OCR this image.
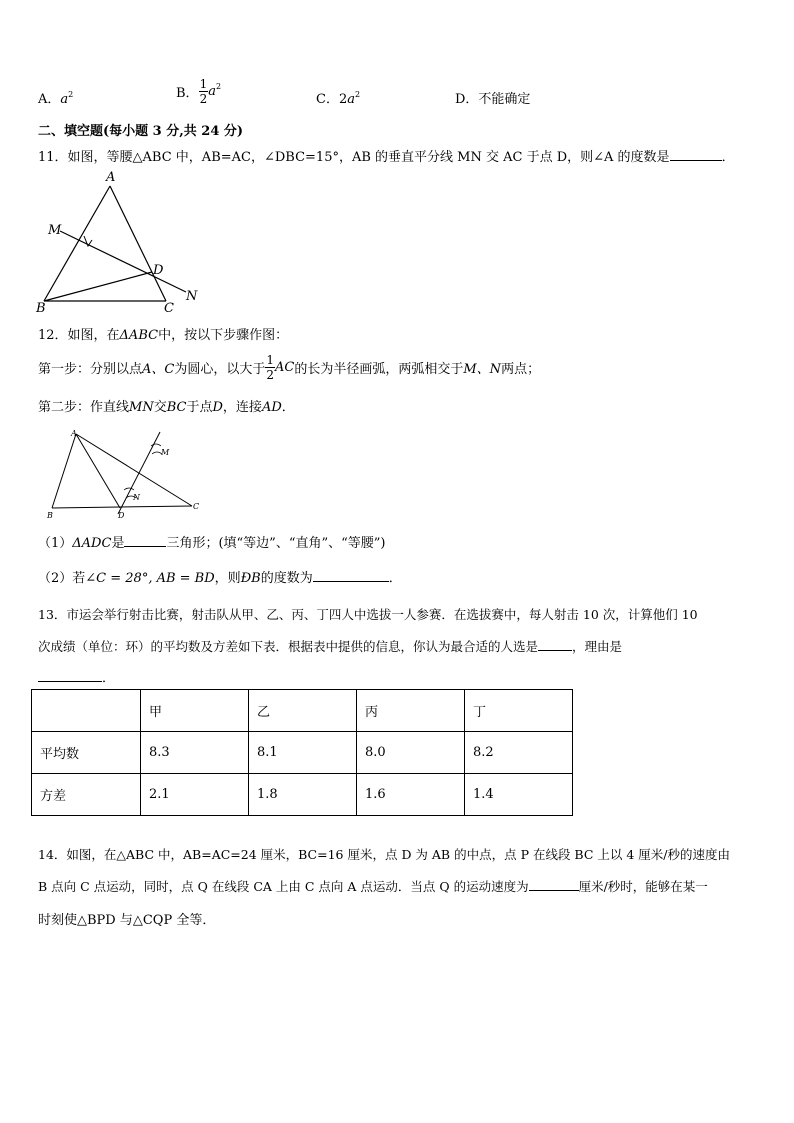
A．$a^2$	B． $\frac{1}{2} a^2$
C．$2a^2$	D．不能确定
二、填空题(每小题 3 分,共 24 分)
11．如图，等腰△ABC 中，AB=AC，∠DBC=15°，AB 的垂直平分线 MN 交 AC 于点 D，则∠A 的度数是	．
A
M
D
B	C
N
12．如图，在ΔABC中，按以下步骤作图：
第一步：分别以点A、C为圆心，以大于 $\frac{1}{2}$ AC的长为半径画弧，两弧相交于M、N两点；
第二步：作直线MN交BC于点D，连接AD．
A
M
N
B	D
C
（1）ΔADC是	三角形；(填“等边”、“直角”、“等腰”)
（2）若∠C = 28°, AB = BD，则ÐB的度数为	．
13．市运会举行射击比赛，射击队从甲、乙、丙、丁四人中选拔一人参赛．在选拔赛中，每人射击 10 次，计算他们 10
次成绩（单位：环）的平均数及方差如下表．根据表中提供的信息，你认为最合适的人选是	，理由是
．
	甲	乙	丙	丁
平均数	8.3	8.1	8.0	8.2
方差	2.1	1.8	1.6	1.4
14．如图，在△ABC 中，AB=AC=24 厘米，BC=16 厘米，点 D 为 AB 的中点，点 P 在线段 BC 上以 4 厘米/秒的速度由
B 点向 C 点运动，同时，点 Q 在线段 CA 上由 C 点向 A 点运动．当点 Q 的运动速度为	厘米/秒时，能够在某一
时刻使△BPD 与△CQP 全等．
